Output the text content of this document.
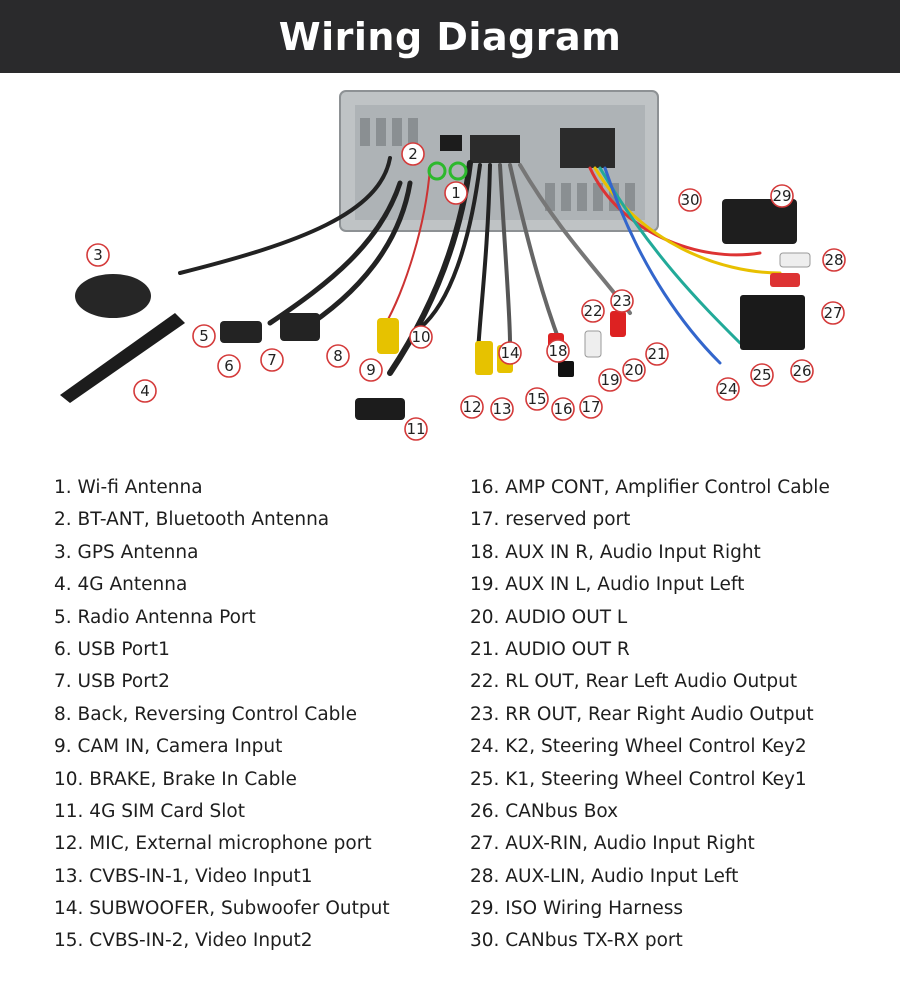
Wiring Diagram
1
2
3
4
5
6 7	8
9
10
11
12 13
14
15
16 17
18
19
20
21
22
23
24
25 26
27
28
29
30
1. Wi-fi Antenna
2. BT-ANT, Bluetooth Antenna
3. GPS Antenna
4. 4G Antenna
5. Radio Antenna Port
6. USB Port1
7. USB Port2
8. Back, Reversing Control Cable
9. CAM IN, Camera Input
10. BRAKE, Brake In Cable
11. 4G SIM Card Slot
12. MIC, External microphone port
13. CVBS-IN-1, Video Input1
14. SUBWOOFER, Subwoofer Output
15. CVBS-IN-2, Video Input2
16. AMP CONT, Amplifier Control Cable
17. reserved port
18. AUX IN R, Audio Input Right
19. AUX IN L, Audio Input Left
20. AUDIO OUT L
21. AUDIO OUT R
22. RL OUT, Rear Left Audio Output
23. RR OUT, Rear Right Audio Output
24. K2, Steering Wheel Control Key2
25. K1, Steering Wheel Control Key1
26. CANbus Box
27. AUX-RIN, Audio Input Right
28. AUX-LIN, Audio Input Left
29. ISO Wiring Harness
30. CANbus TX-RX port
